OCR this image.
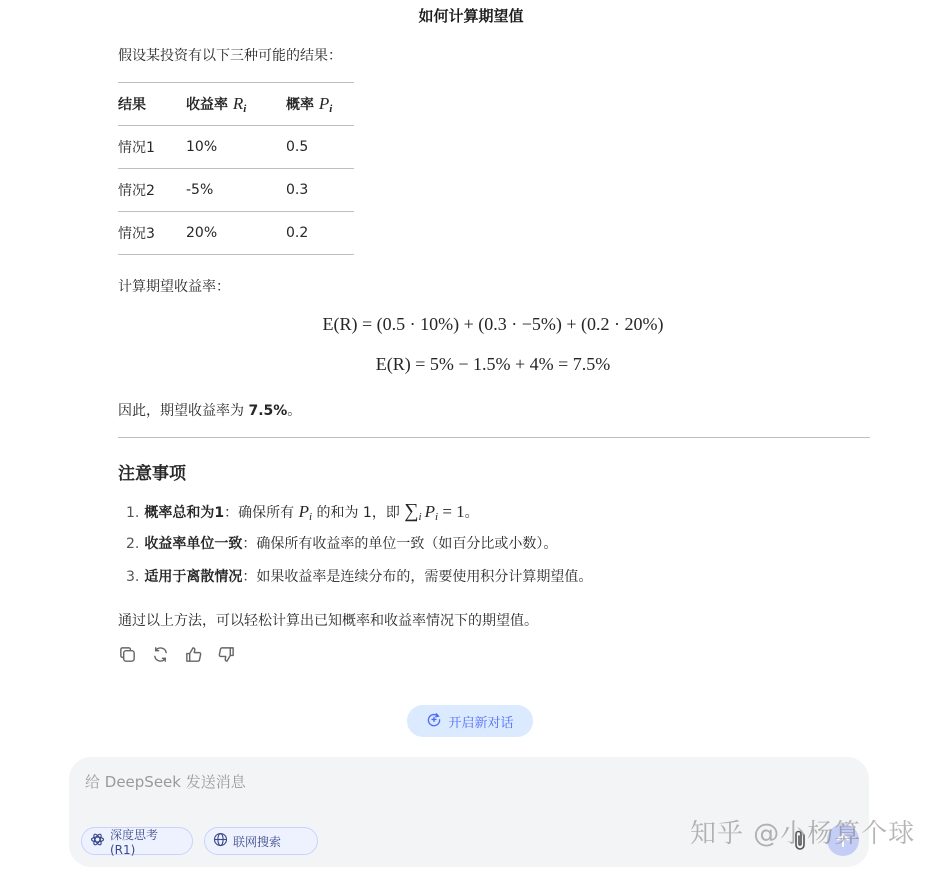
如何计算期望值
假设某投资有以下三种可能的结果：
结果	收益率 $R_i$	概率 $P_i$
情况1	10%	0.5
情况2	-5%	0.3
情况3	20%	0.2
计算期望收益率：
E(R) = (0.5 · 10%) + (0.3 · −5%) + (0.2 · 20%)
E(R) = 5% − 1.5% + 4% = 7.5%
因此，期望收益率为 7.5%。
注意事项
1. 概率总和为1：确保所有 $P_i$ 的和为 1，即 $\sum_i$ $P_i = 1$。
2. 收益率单位一致：确保所有收益率的单位一致（如百分比或小数）。
3. 适用于离散情况：如果收益率是连续分布的，需要使用积分计算期望值。
通过以上方法，可以轻松计算出已知概率和收益率情况下的期望值。
开启新对话
给 DeepSeek 发送消息
深度思考 (R1)
联网搜索	知乎 @小杨算个球
